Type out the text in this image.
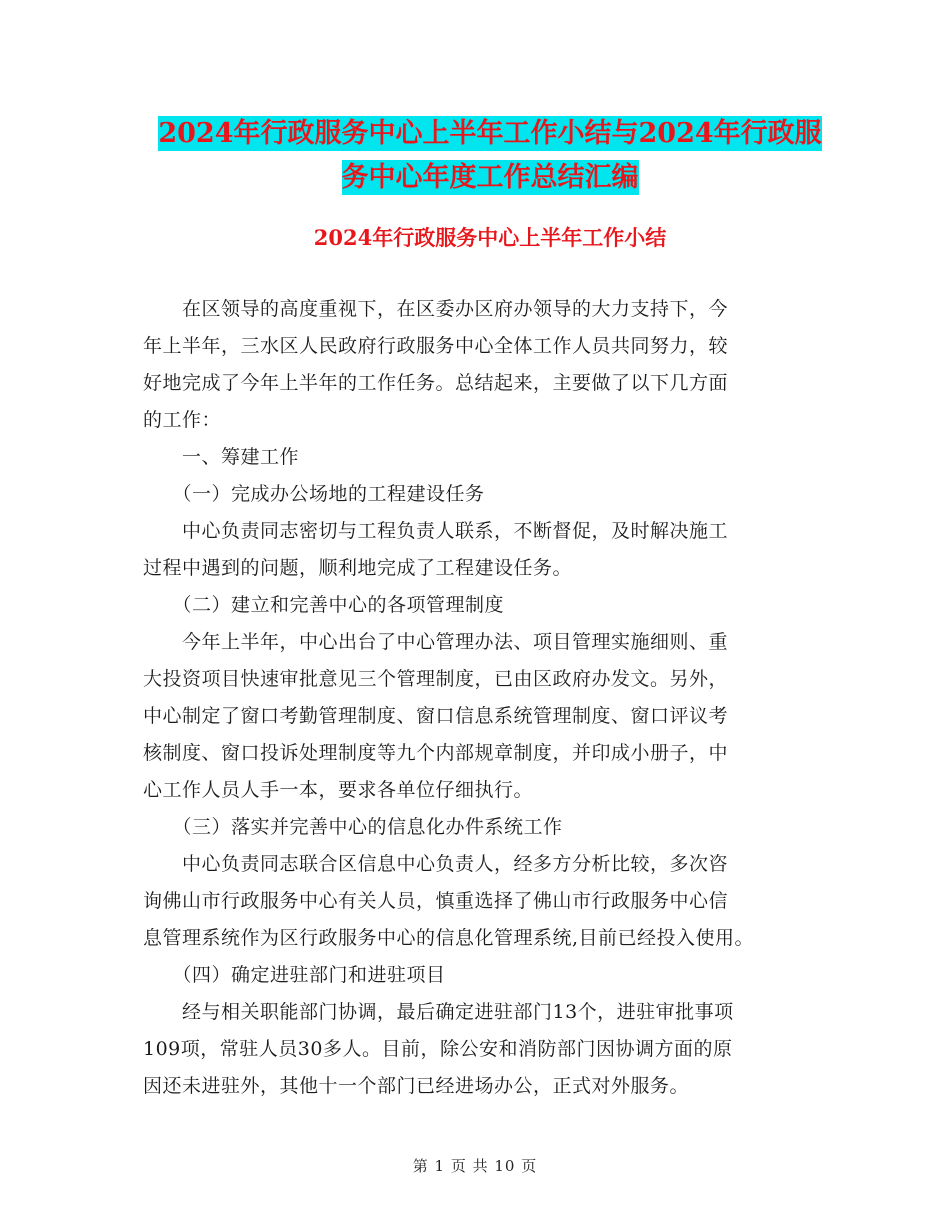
2024年行政服务中心上半年工作小结与2024年行政服
务中心年度工作总结汇编
2024年行政服务中心上半年工作小结
　　在区领导的高度重视下，在区委办区府办领导的大力支持下，今
年上半年，三水区人民政府行政服务中心全体工作人员共同努力，较
好地完成了今年上半年的工作任务。总结起来，主要做了以下几方面
的工作：
　　一、筹建工作
　　（一）完成办公场地的工程建设任务
　　中心负责同志密切与工程负责人联系，不断督促，及时解决施工
过程中遇到的问题，顺利地完成了工程建设任务。
　　（二）建立和完善中心的各项管理制度
　　今年上半年，中心出台了中心管理办法、项目管理实施细则、重
大投资项目快速审批意见三个管理制度，已由区政府办发文。另外，
中心制定了窗口考勤管理制度、窗口信息系统管理制度、窗口评议考
核制度、窗口投诉处理制度等九个内部规章制度，并印成小册子，中
心工作人员人手一本，要求各单位仔细执行。
　　（三）落实并完善中心的信息化办件系统工作
　　中心负责同志联合区信息中心负责人，经多方分析比较，多次咨
询佛山市行政服务中心有关人员，慎重选择了佛山市行政服务中心信
息管理系统作为区行政服务中心的信息化管理系统,目前已经投入使用。
　　（四）确定进驻部门和进驻项目
　　经与相关职能部门协调，最后确定进驻部门13个，进驻审批事项
109项，常驻人员30多人。目前，除公安和消防部门因协调方面的原
因还未进驻外，其他十一个部门已经进场办公，正式对外服务。
第 1 页 共 10 页
